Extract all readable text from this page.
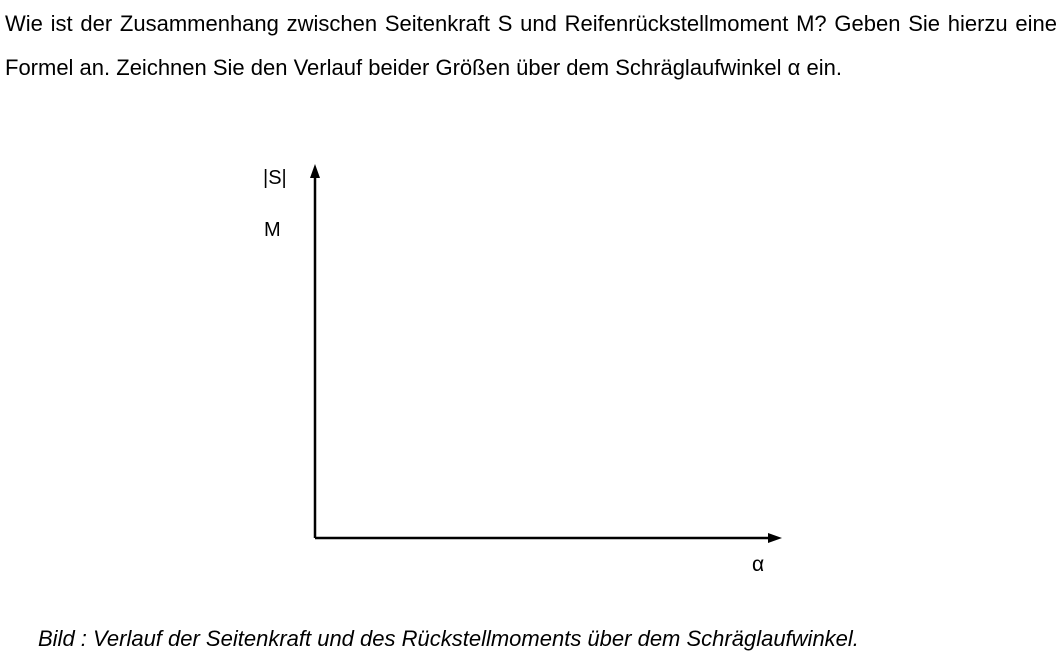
Wie ist der Zusammenhang zwischen Seitenkraft S und Reifenrückstellmoment M? Geben Sie hierzu eine Formel an. Zeichnen Sie den Verlauf beider Größen über dem Schräglaufwinkel α ein.

|S|
M
α
Bild : Verlauf der Seitenkraft und des Rückstellmoments über dem Schräglaufwinkel.
